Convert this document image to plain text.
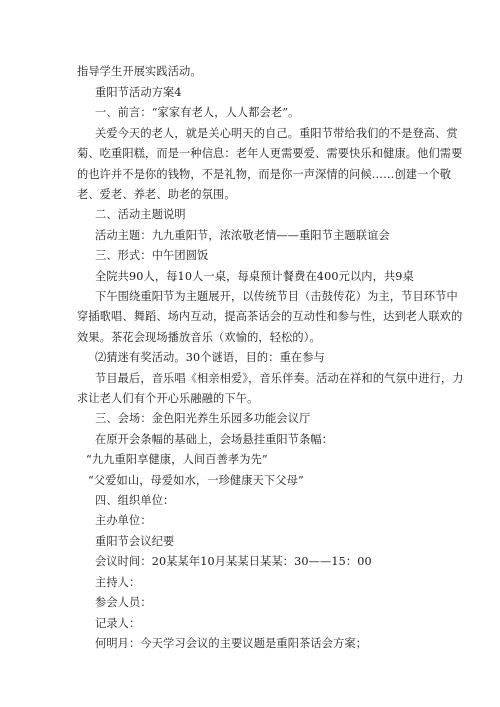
指导学生开展实践活动。
重阳节活动方案4
一、前言：“家家有老人，人人都会老”。
关爱今天的老人，就是关心明天的自己。重阳节带给我们的不是登高、赏
菊、吃重阳糕，而是一种信息：老年人更需要爱、需要快乐和健康。他们需要
的也许并不是你的钱物，不是礼物，而是你一声深情的问候……创建一个敬
老、爱老、养老、助老的氛围。
二、活动主题说明
活动主题：九九重阳节，浓浓敬老情——重阳节主题联谊会
三、形式：中午团圆饭
全院共90人，每10人一桌，每桌预计餐费在400元以内，共9桌
下午围绕重阳节为主题展开，以传统节目（击鼓传花）为主，节目环节中
穿插歌唱、舞蹈、场内互动，提高茶话会的互动性和参与性，达到老人联欢的
效果。茶花会现场播放音乐（欢愉的，轻松的）。
⑵猜迷有奖活动。30个谜语，目的：重在参与
节目最后，音乐唱《相亲相爱》，音乐伴奏。活动在祥和的气氛中进行，力
求让老人们有个开心乐融融的下午。
三、会场：金色阳光养生乐园多功能会议厅
在原开会条幅的基础上，会场悬挂重阳节条幅：
“九九重阳享健康，人间百善孝为先”
“父爱如山，母爱如水，一珍健康天下父母”
四、组织单位：
主办单位：
重阳节会议纪要
会议时间：20某某年10月某某日某某：30——15：00
主持人：
参会人员：
记录人：
何明月：今天学习会议的主要议题是重阳茶话会方案；
